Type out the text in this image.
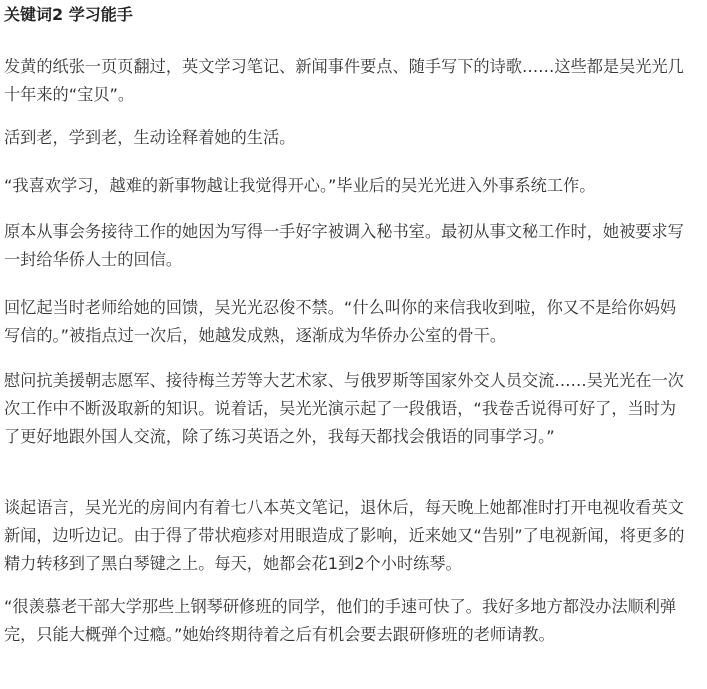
关键词2 学习能手

发黄的纸张一页页翻过，英文学习笔记、新闻事件要点、随手写下的诗歌……这些都是吴光光几十年来的“宝贝”。

活到老，学到老，生动诠释着她的生活。

“我喜欢学习，越难的新事物越让我觉得开心。”毕业后的吴光光进入外事系统工作。

原本从事会务接待工作的她因为写得一手好字被调入秘书室。最初从事文秘工作时，她被要求写一封给华侨人士的回信。

回忆起当时老师给她的回馈，吴光光忍俊不禁。“什么叫你的来信我收到啦，你又不是给你妈妈写信的。”被指点过一次后，她越发成熟，逐渐成为华侨办公室的骨干。

慰问抗美援朝志愿军、接待梅兰芳等大艺术家、与俄罗斯等国家外交人员交流……吴光光在一次次工作中不断汲取新的知识。说着话，吴光光演示起了一段俄语，“我卷舌说得可好了，当时为了更好地跟外国人交流，除了练习英语之外，我每天都找会俄语的同事学习。”

谈起语言，吴光光的房间内有着七八本英文笔记，退休后，每天晚上她都准时打开电视收看英文新闻，边听边记。由于得了带状疱疹对用眼造成了影响，近来她又“告别”了电视新闻，将更多的精力转移到了黑白琴键之上。每天，她都会花1到2个小时练琴。

“很羡慕老干部大学那些上钢琴研修班的同学，他们的手速可快了。我好多地方都没办法顺利弹完，只能大概弹个过瘾。”她始终期待着之后有机会要去跟研修班的老师请教。
